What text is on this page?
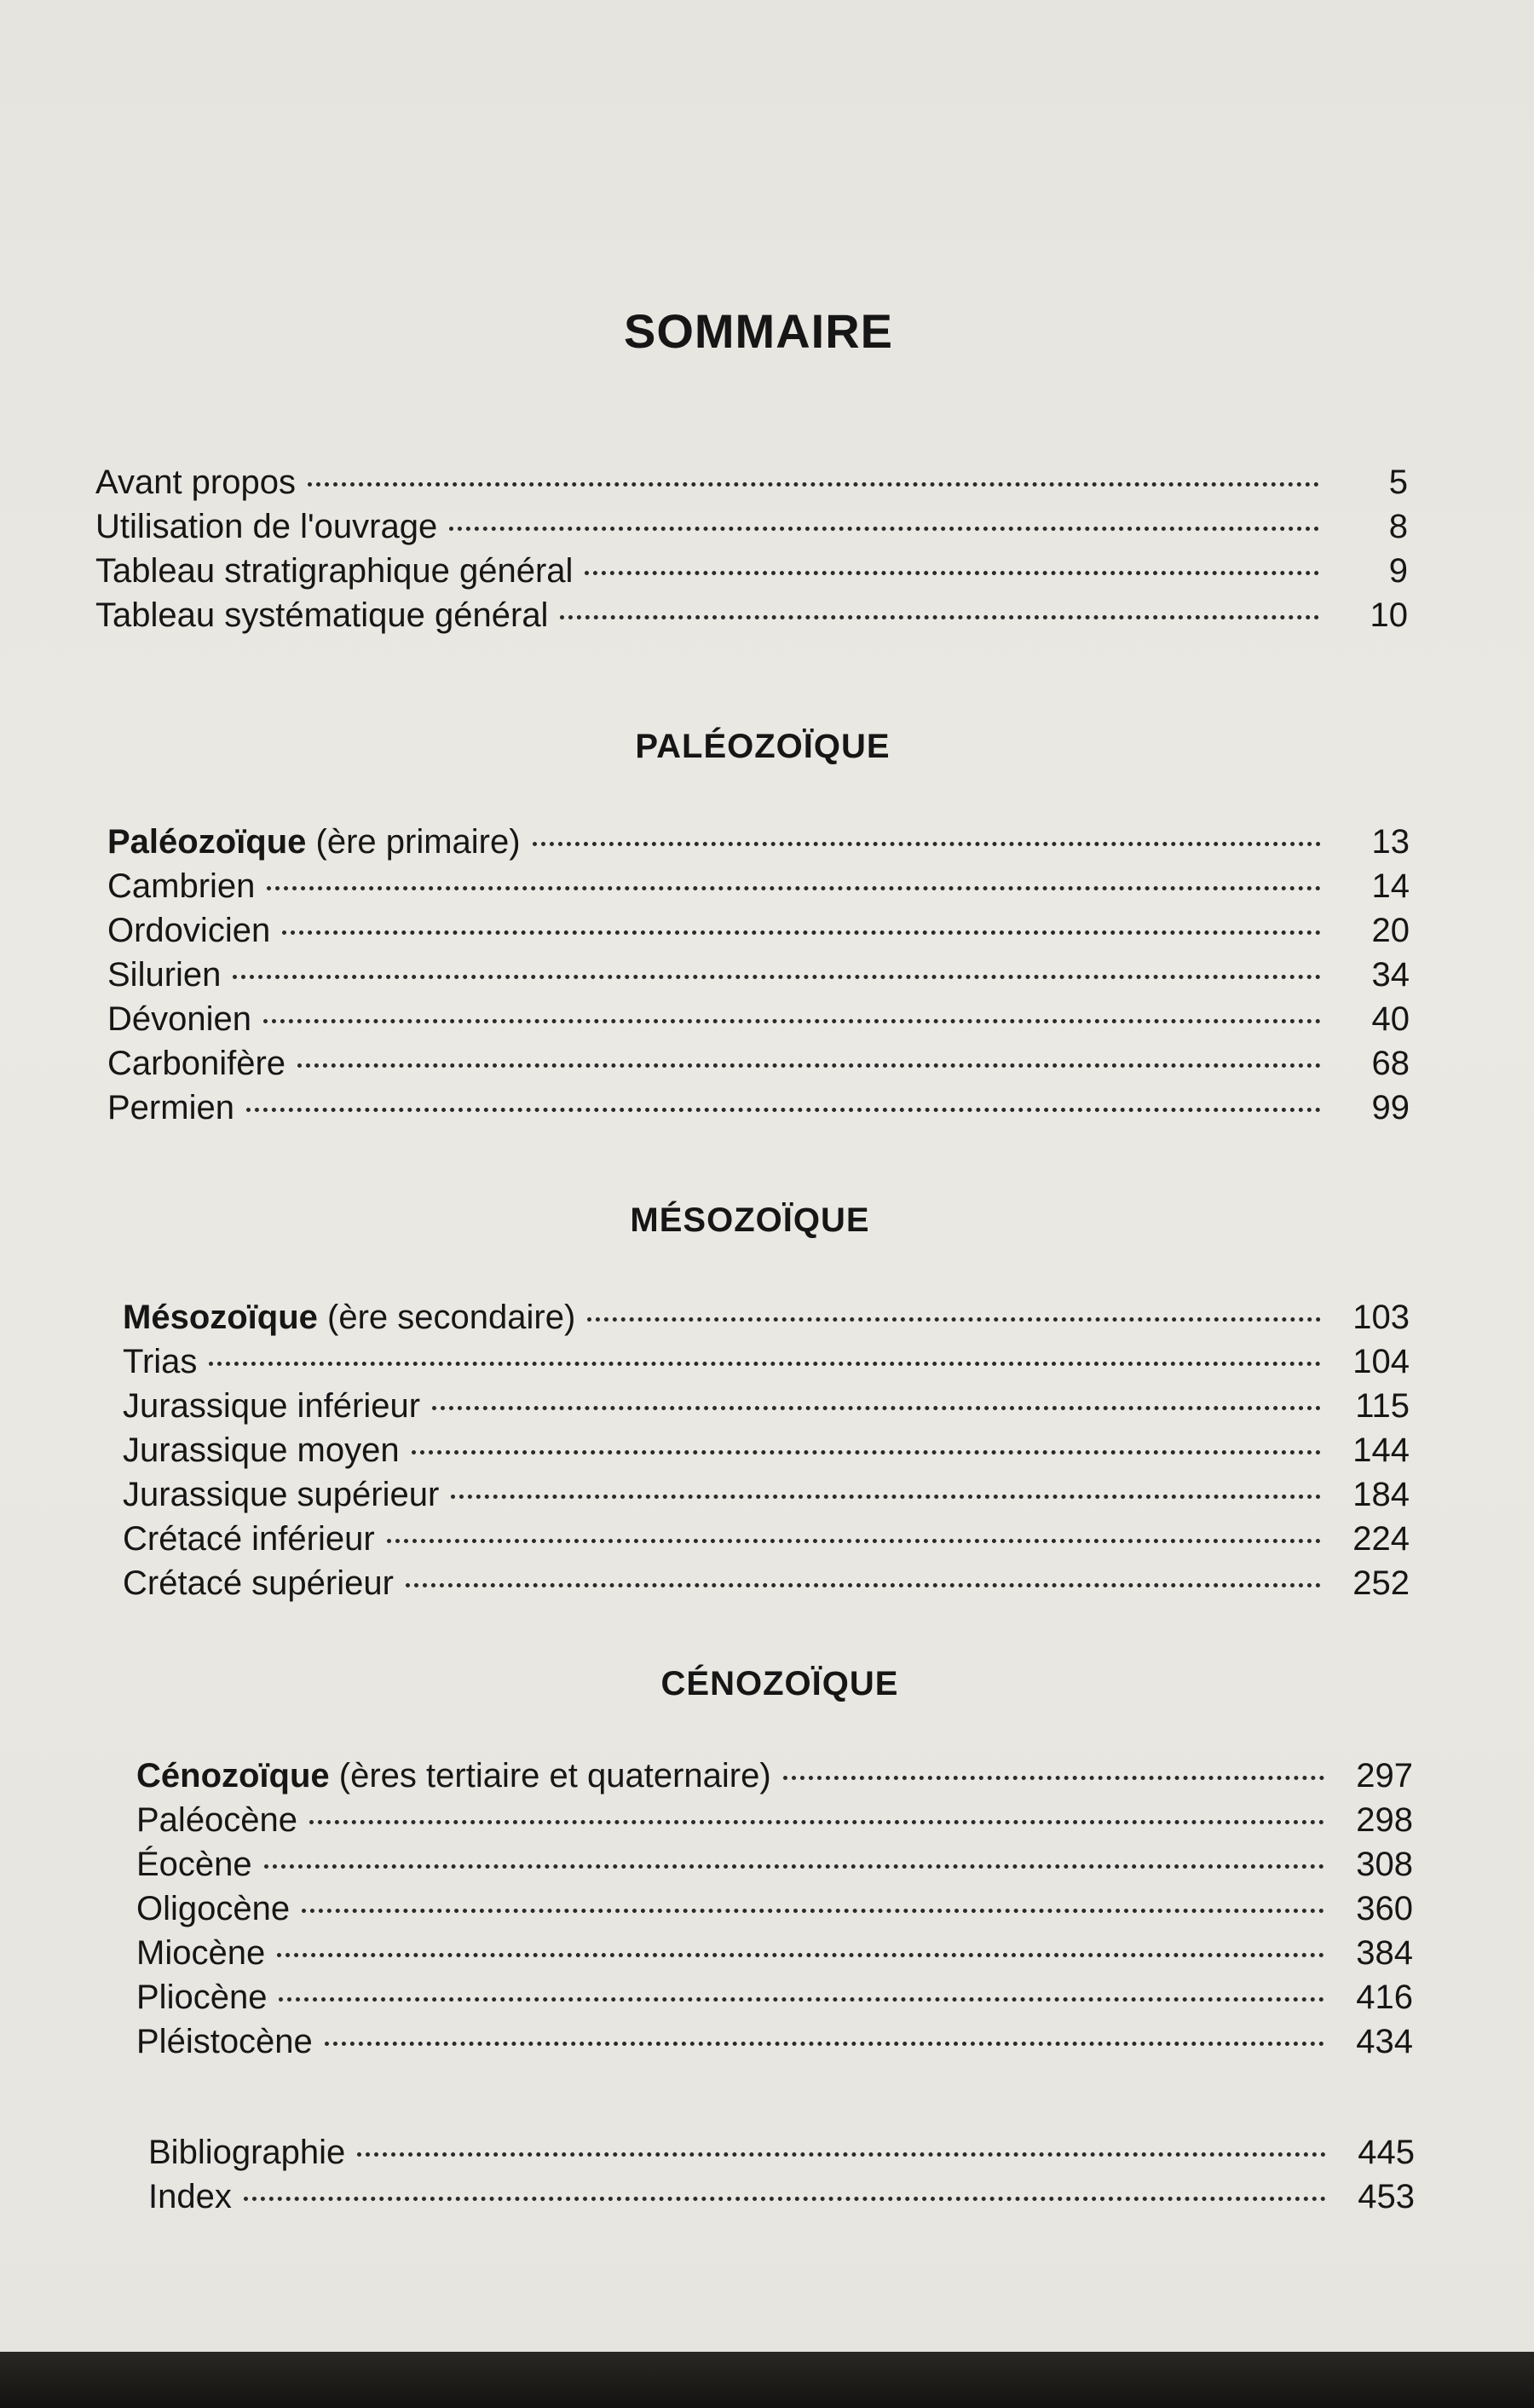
SOMMAIRE
Avant propos	5
Utilisation de l'ouvrage	8
Tableau stratigraphique général	9
Tableau systématique général	10
PALÉOZOÏQUE
Paléozoïque (ère primaire)	13
Cambrien	14
Ordovicien	20
Silurien	34
Dévonien	40
Carbonifère	68
Permien	99
MÉSOZOÏQUE
Mésozoïque (ère secondaire)	103
Trias	104
Jurassique inférieur	115
Jurassique moyen	144
Jurassique supérieur	184
Crétacé inférieur	224
Crétacé supérieur	252
CÉNOZOÏQUE
Cénozoïque (ères tertiaire et quaternaire)	297
Paléocène	298
Éocène	308
Oligocène	360
Miocène	384
Pliocène	416
Pléistocène	434
Bibliographie	445
Index	453
